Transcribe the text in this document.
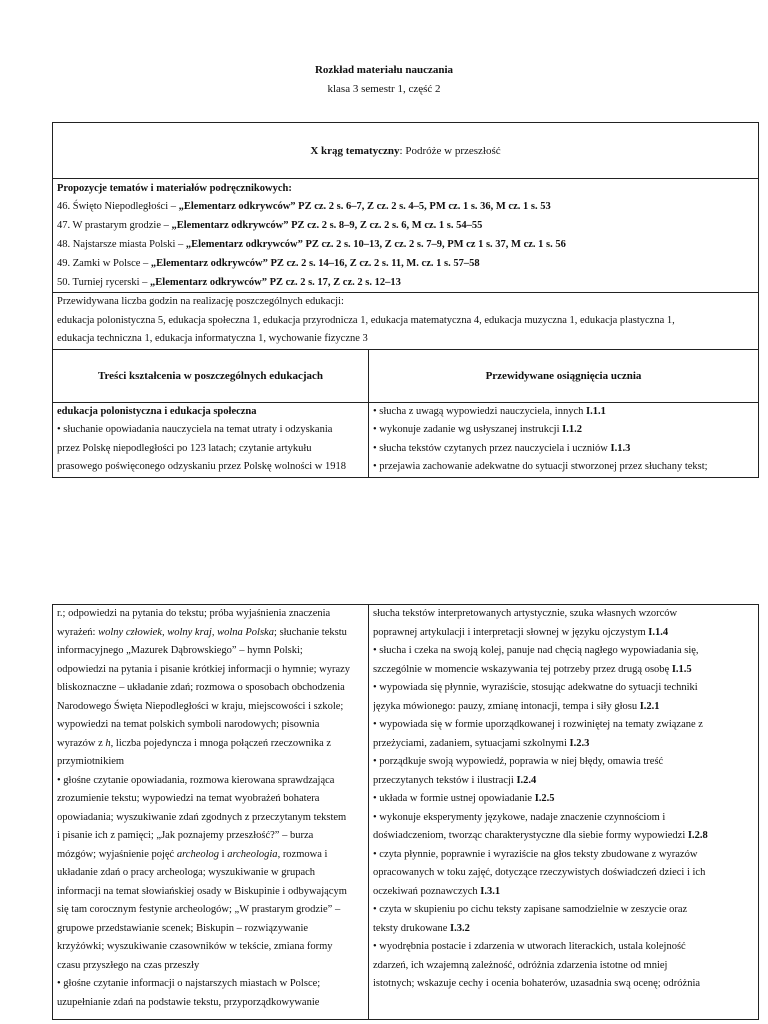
Rozkład materiału nauczania
klasa 3 semestr 1, część 2
X krąg tematyczny: Podróże w przeszłość
Propozycje tematów i materiałów podręcznikowych:
46. Święto Niepodległości – „Elementarz odkrywców” PZ cz. 2 s. 6–7, Z cz. 2 s. 4–5, PM cz. 1 s. 36, M cz. 1 s. 53
47. W prastarym grodzie – „Elementarz odkrywców” PZ cz. 2 s. 8–9, Z cz. 2 s. 6, M cz. 1 s. 54–55
48. Najstarsze miasta Polski – „Elementarz odkrywców” PZ cz. 2 s. 10–13, Z cz. 2 s. 7–9, PM cz 1 s. 37, M cz. 1 s. 56
49. Zamki w Polsce – „Elementarz odkrywców” PZ cz. 2 s. 14–16, Z cz. 2 s. 11, M. cz. 1 s. 57–58
50. Turniej rycerski – „Elementarz odkrywców” PZ cz. 2 s. 17, Z cz. 2 s. 12–13
Przewidywana liczba godzin na realizację poszczególnych edukacji:
edukacja polonistyczna 5, edukacja społeczna 1, edukacja przyrodnicza 1, edukacja matematyczna 4, edukacja muzyczna 1, edukacja plastyczna 1,
edukacja techniczna 1, edukacja informatyczna 1, wychowanie fizyczne 3
Treści kształcenia w poszczególnych edukacjach	Przewidywane osiągnięcia ucznia
edukacja polonistyczna i edukacja społeczna
• słuchanie opowiadania nauczyciela na temat utraty i odzyskania
przez Polskę niepodległości po 123 latach; czytanie artykułu
prasowego poświęconego odzyskaniu przez Polskę wolności w 1918
• słucha z uwagą wypowiedzi nauczyciela, innych I.1.1
• wykonuje zadanie wg usłyszanej instrukcji I.1.2
• słucha tekstów czytanych przez nauczyciela i uczniów I.1.3
• przejawia zachowanie adekwatne do sytuacji stworzonej przez słuchany tekst;
r.; odpowiedzi na pytania do tekstu; próba wyjaśnienia znaczenia
wyrażeń: wolny człowiek, wolny kraj, wolna Polska; słuchanie tekstu
informacyjnego „Mazurek Dąbrowskiego” – hymn Polski;
odpowiedzi na pytania i pisanie krótkiej informacji o hymnie; wyrazy
bliskoznaczne – układanie zdań; rozmowa o sposobach obchodzenia
Narodowego Święta Niepodległości w kraju, miejscowości i szkole;
wypowiedzi na temat polskich symboli narodowych; pisownia
wyrazów z h, liczba pojedyncza i mnoga połączeń rzeczownika z
przymiotnikiem
• głośne czytanie opowiadania, rozmowa kierowana sprawdzająca
zrozumienie tekstu; wypowiedzi na temat wyobrażeń bohatera
opowiadania; wyszukiwanie zdań zgodnych z przeczytanym tekstem
i pisanie ich z pamięci; „Jak poznajemy przeszłość?” – burza
mózgów; wyjaśnienie pojęć archeolog i archeologia, rozmowa i
układanie zdań o pracy archeologa; wyszukiwanie w grupach
informacji na temat słowiańskiej osady w Biskupinie i odbywającym
się tam corocznym festynie archeologów; „W prastarym grodzie” –
grupowe przedstawianie scenek; Biskupin – rozwiązywanie
krzyżówki; wyszukiwanie czasowników w tekście, zmiana formy
czasu przyszłego na czas przeszły
• głośne czytanie informacji o najstarszych miastach w Polsce;
uzupełnianie zdań na podstawie tekstu, przyporządkowywanie
słucha tekstów interpretowanych artystycznie, szuka własnych wzorców
poprawnej artykulacji i interpretacji słownej w języku ojczystym I.1.4
• słucha i czeka na swoją kolej, panuje nad chęcią nagłego wypowiadania się,
szczególnie w momencie wskazywania tej potrzeby przez drugą osobę I.1.5
• wypowiada się płynnie, wyraziście, stosując adekwatne do sytuacji techniki
języka mówionego: pauzy, zmianę intonacji, tempa i siły głosu I.2.1
• wypowiada się w formie uporządkowanej i rozwiniętej na tematy związane z
przeżyciami, zadaniem, sytuacjami szkolnymi I.2.3
• porządkuje swoją wypowiedź, poprawia w niej błędy, omawia treść
przeczytanych tekstów i ilustracji I.2.4
• układa w formie ustnej opowiadanie I.2.5
• wykonuje eksperymenty językowe, nadaje znaczenie czynnościom i
doświadczeniom, tworząc charakterystyczne dla siebie formy wypowiedzi I.2.8
• czyta płynnie, poprawnie i wyraziście na głos teksty zbudowane z wyrazów
opracowanych w toku zajęć, dotyczące rzeczywistych doświadczeń dzieci i ich
oczekiwań poznawczych I.3.1
• czyta w skupieniu po cichu teksty zapisane samodzielnie w zeszycie oraz
teksty drukowane I.3.2
• wyodrębnia postacie i zdarzenia w utworach literackich, ustala kolejność
zdarzeń, ich wzajemną zależność, odróżnia zdarzenia istotne od mniej
istotnych; wskazuje cechy i ocenia bohaterów, uzasadnia swą ocenę; odróżnia
